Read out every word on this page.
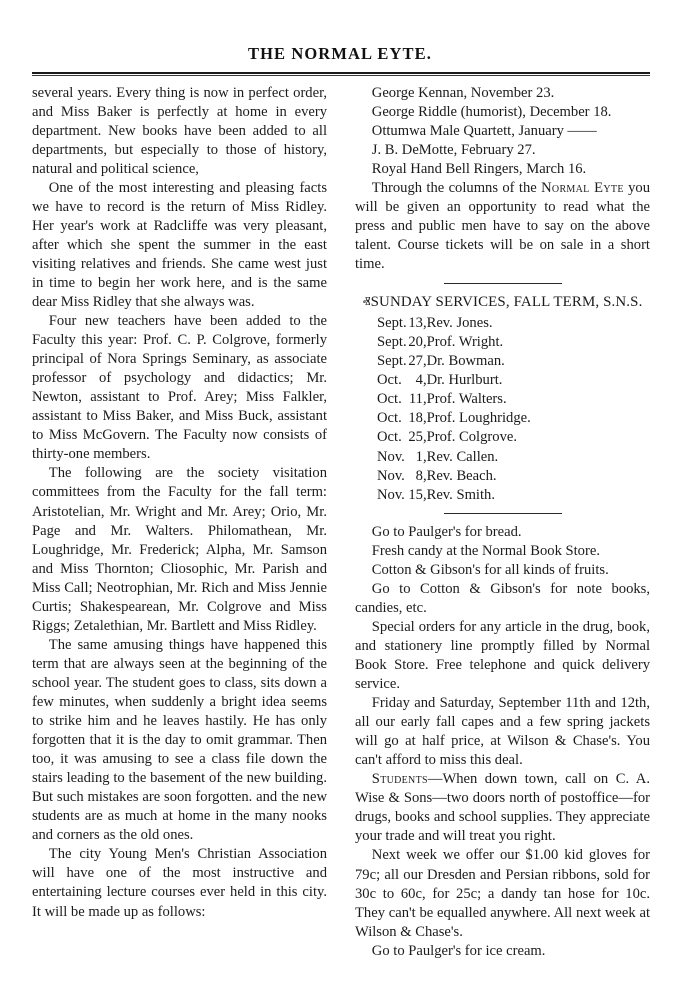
THE NORMAL EYTE.

several years. Every thing is now in perfect order, and Miss Baker is perfectly at home in every department. New books have been added to all departments, but especially to those of history, natural and political science,

One of the most interesting and pleasing facts we have to record is the return of Miss Ridley. Her year's work at Radcliffe was very pleasant, after which she spent the summer in the east visiting relatives and friends. She came west just in time to begin her work here, and is the same dear Miss Ridley that she always was.

Four new teachers have been added to the Faculty this year: Prof. C. P. Colgrove, formerly principal of Nora Springs Seminary, as associate professor of psychology and didactics; Mr. Newton, assistant to Prof. Arey; Miss Falkler, assistant to Miss Baker, and Miss Buck, assistant to Miss McGovern. The Faculty now consists of thirty-one members.

The following are the society visitation committees from the Faculty for the fall term: Aristotelian, Mr. Wright and Mr. Arey; Orio, Mr. Page and Mr. Walters. Philomathean, Mr. Loughridge, Mr. Frederick; Alpha, Mr. Samson and Miss Thornton; Cliosophic, Mr. Parish and Miss Call; Neotrophian, Mr. Rich and Miss Jennie Curtis; Shakespearean, Mr. Colgrove and Miss Riggs; Zetalethian, Mr. Bartlett and Miss Ridley.

The same amusing things have happened this term that are always seen at the beginning of the school year. The student goes to class, sits down a few minutes, when suddenly a bright idea seems to strike him and he leaves hastily. He has only forgotten that it is the day to omit grammar. Then too, it was amusing to see a class file down the stairs leading to the basement of the new building. But such mistakes are soon forgotten. and the new students are as much at home in the many nooks and corners as the old ones.

The city Young Men's Christian Association will have one of the most instructive and entertaining lecture courses ever held in this city. It will be made up as follows:

George Kennan, November 23.
George Riddle (humorist), December 18.
Ottumwa Male Quartett, January ——
J. B. DeMotte, February 27.
Royal Hand Bell Ringers, March 16.

Through the columns of the Normal Eyte you will be given an opportunity to read what the press and public men have to say on the above talent. Course tickets will be on sale in a short time.

ⰟSUNDAY SERVICES, FALL TERM, S.N.S.
Sept.	13,	Rev. Jones.
Sept.	20,	Prof. Wright.
Sept.	27,	Dr. Bowman.
Oct.	4,	Dr. Hurlburt.
Oct.	11,	Prof. Walters.
Oct.	18,	Prof. Loughridge.
Oct.	25,	Prof. Colgrove.
Nov.	1,	Rev. Callen.
Nov.	8,	Rev. Beach.
Nov.	15,	Rev. Smith.

Go to Paulger's for bread.

Fresh candy at the Normal Book Store.

Cotton & Gibson's for all kinds of fruits.

Go to Cotton & Gibson's for note books, candies, etc.

Special orders for any article in the drug, book, and stationery line promptly filled by Normal Book Store. Free telephone and quick delivery service.

Friday and Saturday, September 11th and 12th, all our early fall capes and a few spring jackets will go at half price, at Wilson & Chase's. You can't afford to miss this deal.

Students—When down town, call on C. A. Wise & Sons—two doors north of postoffice—for drugs, books and school supplies. They appreciate your trade and will treat you right.

Next week we offer our $1.00 kid gloves for 79c; all our Dresden and Persian ribbons, sold for 30c to 60c, for 25c; a dandy tan hose for 10c. They can't be equalled anywhere. All next week at Wilson & Chase's.

Go to Paulger's for ice cream.
